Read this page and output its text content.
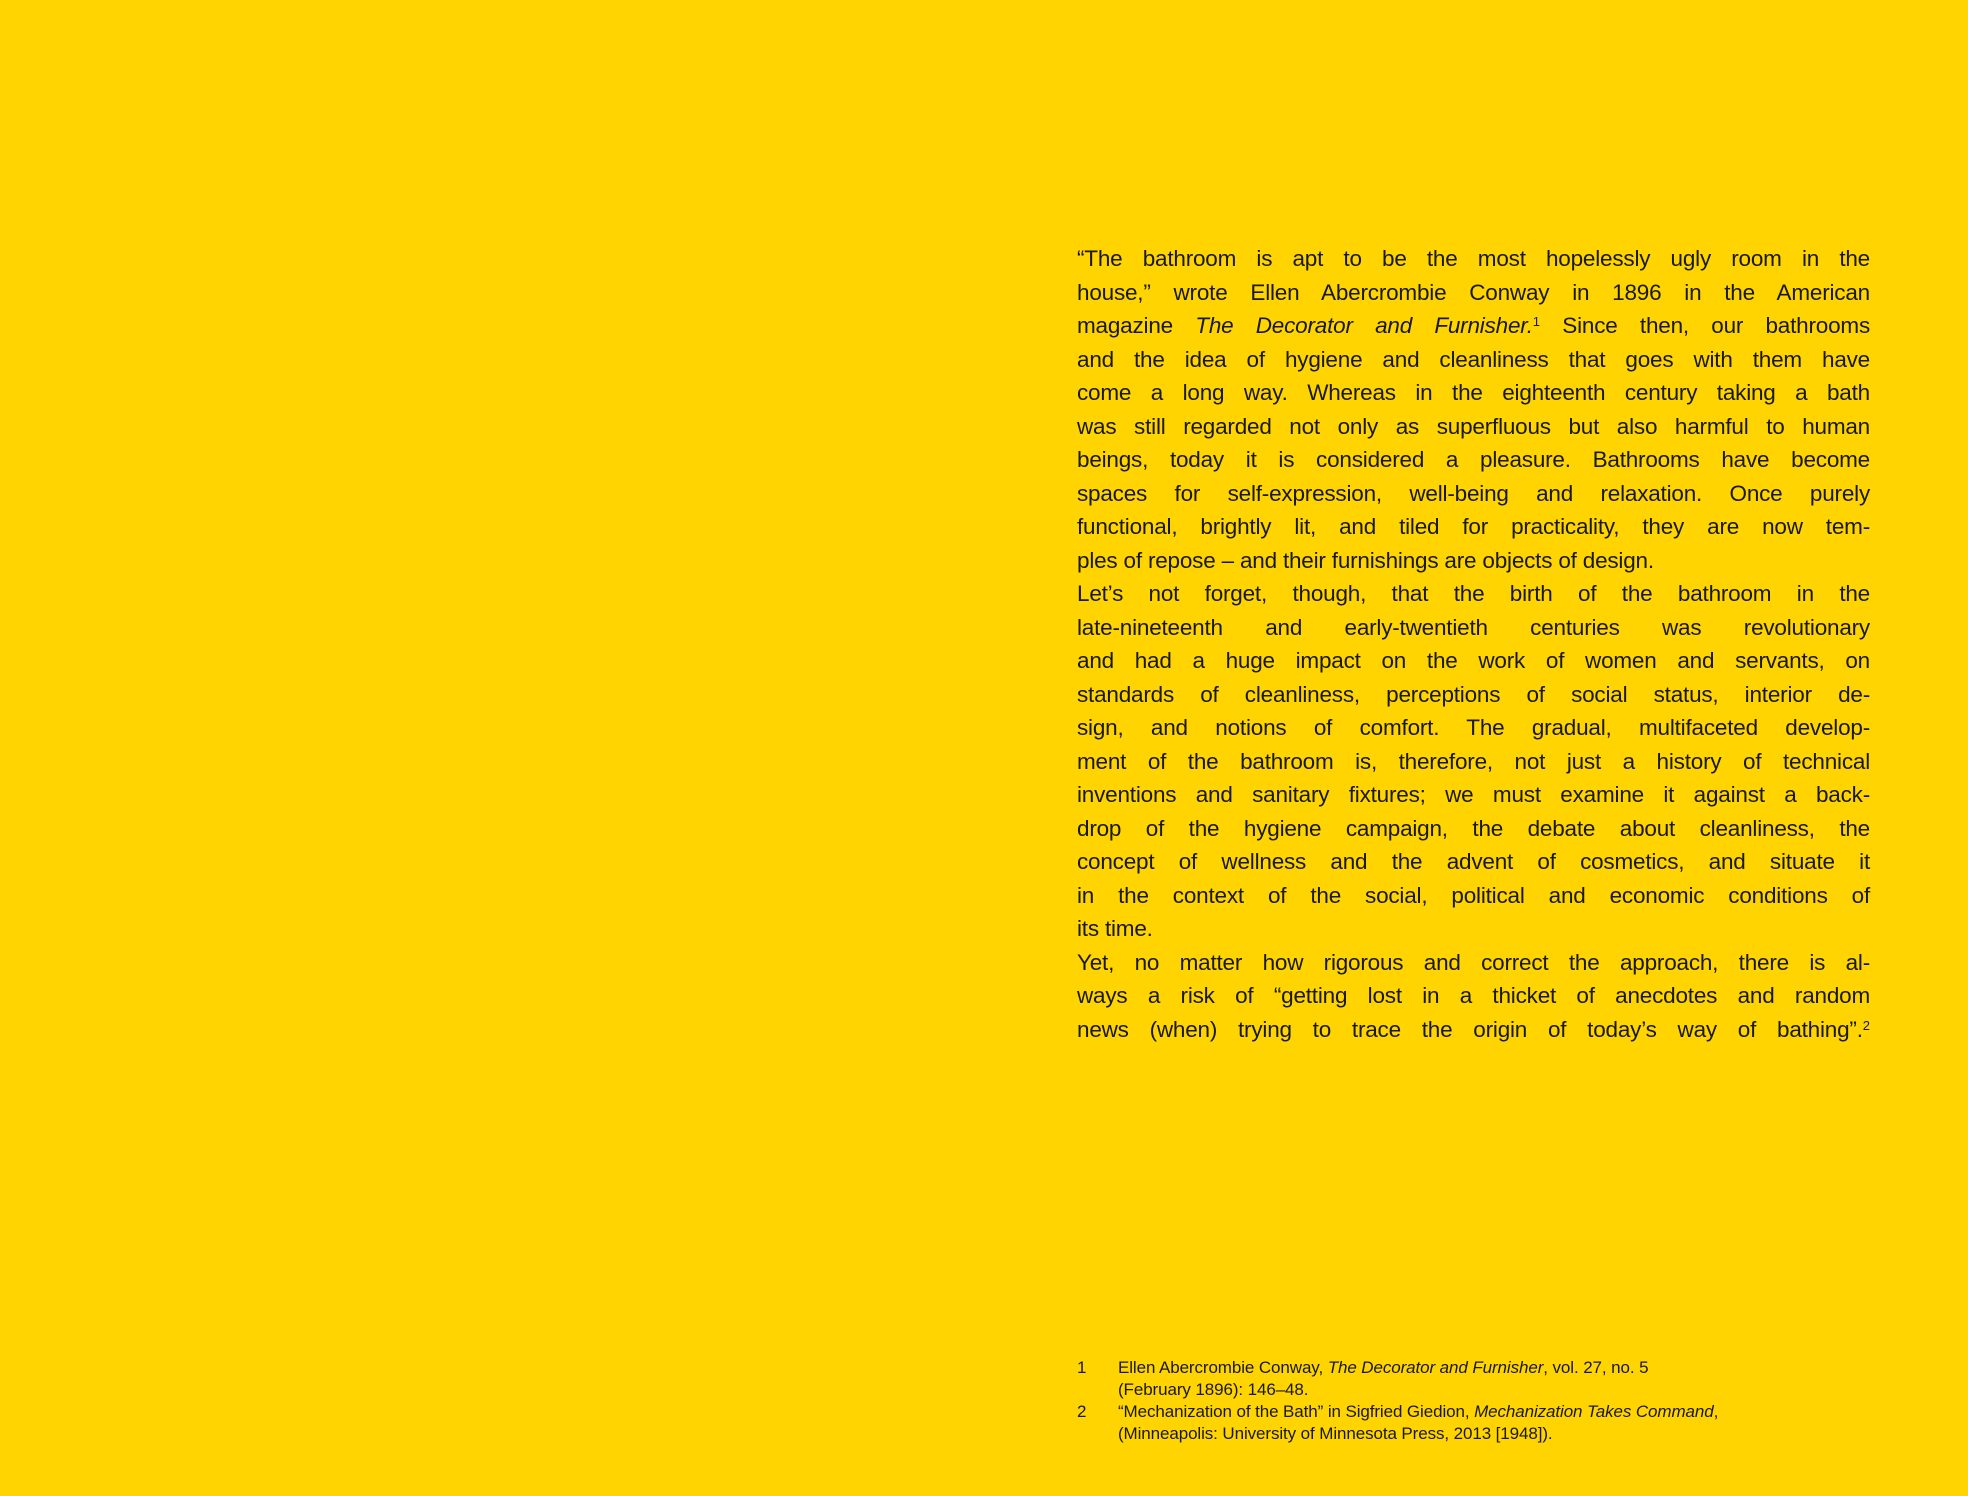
“The bathroom is apt to be the most hopelessly ugly room in the
house,” wrote Ellen Abercrombie Conway in 1896 in the American
magazine The Decorator and Furnisher.$^1$ Since then, our bathrooms
and the idea of hygiene and cleanliness that goes with them have
come a long way. Whereas in the eighteenth century taking a bath
was still regarded not only as superfluous but also harmful to human
beings, today it is considered a pleasure. Bathrooms have become
spaces for self-expression, well-being and relaxation. Once purely
functional, brightly lit, and tiled for practicality, they are now tem-
ples of repose – and their furnishings are objects of design.
Let’s not forget, though, that the birth of the bathroom in the
late-nineteenth and early-twentieth centuries was revolutionary
and had a huge impact on the work of women and servants, on
standards of cleanliness, perceptions of social status, interior de-
sign, and notions of comfort. The gradual, multifaceted develop-
ment of the bathroom is, therefore, not just a history of technical
inventions and sanitary fixtures; we must examine it against a back-
drop of the hygiene campaign, the debate about cleanliness, the
concept of wellness and the advent of cosmetics, and situate it
in the context of the social, political and economic conditions of
its time.
Yet, no matter how rigorous and correct the approach, there is al-
ways a risk of “getting lost in a thicket of anecdotes and random
news (when) trying to trace the origin of today’s way of bathing”.$^2$
1	Ellen Abercrombie Conway, The Decorator and Furnisher, vol. 27, no. 5
(February 1896): 146–48.
2	“Mechanization of the Bath” in Sigfried Giedion, Mechanization Takes Command,
(Minneapolis: University of Minnesota Press, 2013 [1948]).
